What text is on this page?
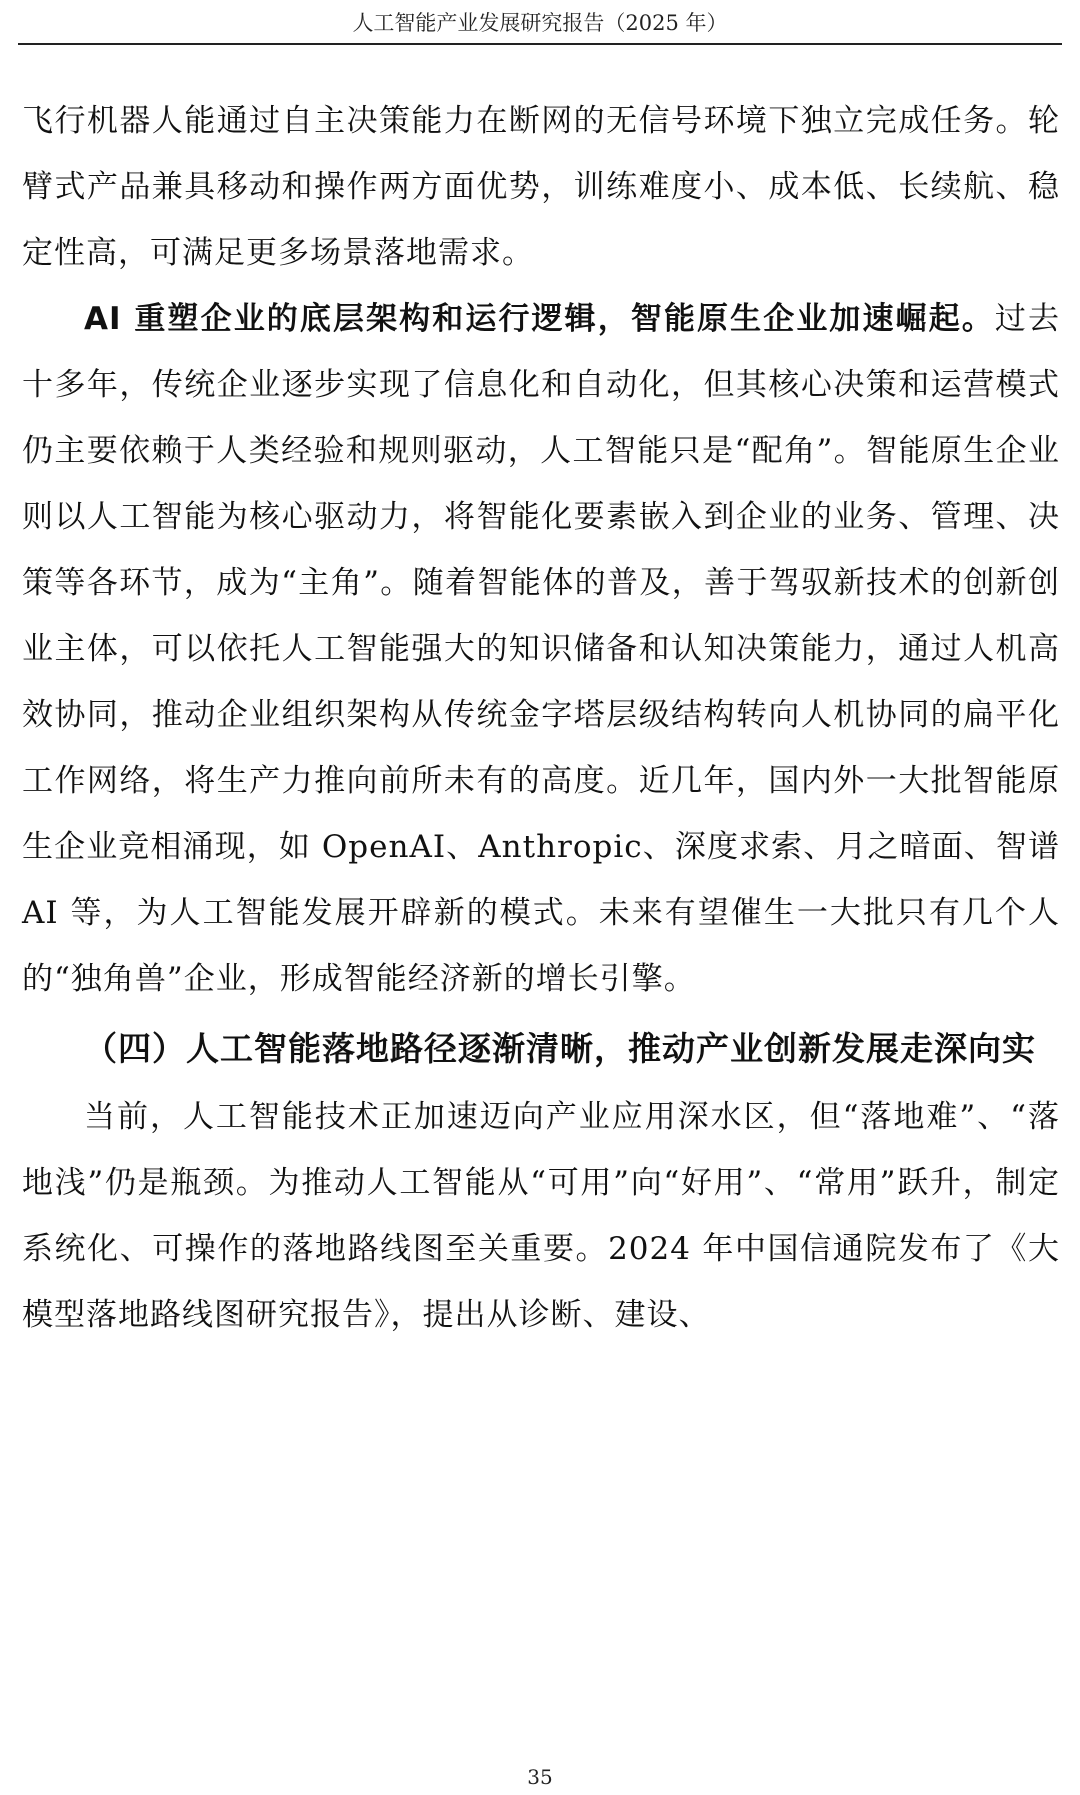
人工智能产业发展研究报告（2025 年）

飞行机器人能通过自主决策能力在断网的无信号环境下独立完成任务。轮臂式产品兼具移动和操作两方面优势，训练难度小、成本低、长续航、稳定性高，可满足更多场景落地需求。

AI 重塑企业的底层架构和运行逻辑，智能原生企业加速崛起。过去十多年，传统企业逐步实现了信息化和自动化，但其核心决策和运营模式仍主要依赖于人类经验和规则驱动，人工智能只是“配角”。智能原生企业则以人工智能为核心驱动力，将智能化要素嵌入到企业的业务、管理、决策等各环节，成为“主角”。随着智能体的普及，善于驾驭新技术的创新创业主体，可以依托人工智能强大的知识储备和认知决策能力，通过人机高效协同，推动企业组织架构从传统金字塔层级结构转向人机协同的扁平化工作网络，将生产力推向前所未有的高度。近几年，国内外一大批智能原生企业竞相涌现，如 OpenAI、Anthropic、深度求索、月之暗面、智谱 AI 等，为人工智能发展开辟新的模式。未来有望催生一大批只有几个人的“独角兽”企业，形成智能经济新的增长引擎。

（四）人工智能落地路径逐渐清晰，推动产业创新发展走深向实

当前，人工智能技术正加速迈向产业应用深水区，但“落地难”、“落地浅”仍是瓶颈。为推动人工智能从“可用”向“好用”、“常用”跃升，制定系统化、可操作的落地路线图至关重要。2024 年中国信通院发布了《大模型落地路线图研究报告》，提出从诊断、建设、

35
